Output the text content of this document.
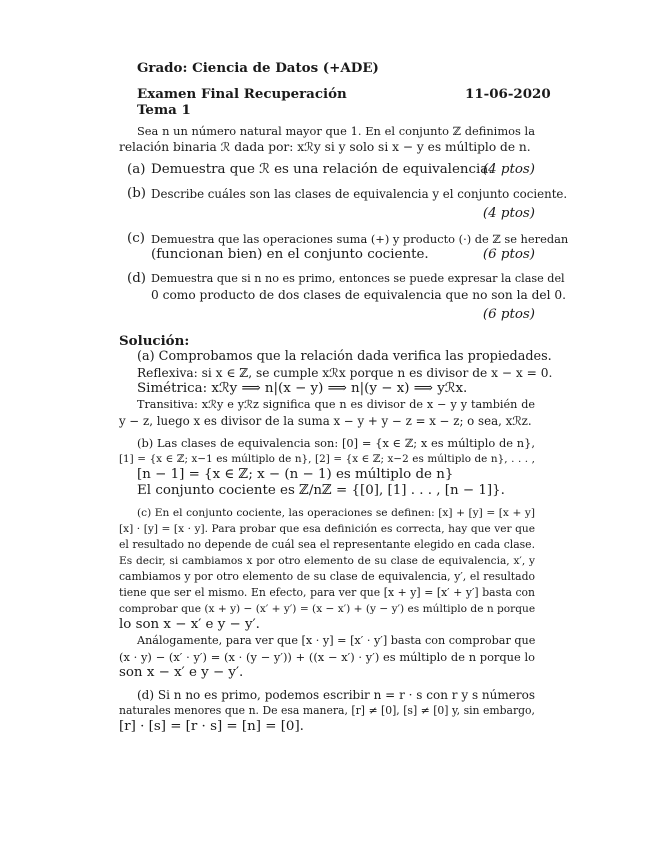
Grado: Ciencia de Datos (+ADE)

Examen Final Recuperación	11-06-2020

Tema 1

Sea n un número natural mayor que 1. En el conjunto ℤ definimos la

relación binaria ℛ dada por: xℛy si y solo si x − y es múltiplo de n.

(a) Demuestra que ℛ es una relación de equivalencia.

(4 ptos)

(b) Describe cuáles son las clases de equivalencia y el conjunto cociente.

(4 ptos)

(c) Demuestra que las operaciones suma (+) y producto (·) de ℤ se heredan

(funcionan bien) en el conjunto cociente.	(6 ptos)

(d) Demuestra que si n no es primo, entonces se puede expresar la clase del

0 como producto de dos clases de equivalencia que no son la del 0.

(6 ptos)

Solución:

(a) Comprobamos que la relación dada verifica las propiedades.

Reflexiva: si x ∈ ℤ, se cumple xℛx porque n es divisor de x − x = 0.

Simétrica: xℛy ⟹ n|(x − y) ⟹ n|(y − x) ⟹ yℛx.

Transitiva: xℛy e yℛz significa que n es divisor de x − y y también de

y − z, luego x es divisor de la suma x − y + y − z = x − z; o sea, xℛz.

(b) Las clases de equivalencia son: [0] = {x ∈ ℤ; x es múltiplo de n},

[1] = {x ∈ ℤ; x−1 es múltiplo de n}, [2] = {x ∈ ℤ; x−2 es múltiplo de n}, . . . ,

[n − 1] = {x ∈ ℤ; x − (n − 1) es múltiplo de n}

El conjunto cociente es ℤ/nℤ = {[0], [1] . . . , [n − 1]}.

(c) En el conjunto cociente, las operaciones se definen: [x] + [y] = [x + y]

[x] · [y] = [x · y]. Para probar que esa definición es correcta, hay que ver que

el resultado no depende de cuál sea el representante elegido en cada clase.

Es decir, si cambiamos x por otro elemento de su clase de equivalencia, x′, y

cambiamos y por otro elemento de su clase de equivalencia, y′, el resultado

tiene que ser el mismo. En efecto, para ver que [x + y] = [x′ + y′] basta con

comprobar que (x + y) − (x′ + y′) = (x − x′) + (y − y′) es múltiplo de n porque

lo son x − x′ e y − y′.

Análogamente, para ver que [x · y] = [x′ · y′] basta con comprobar que

(x · y) − (x′ · y′) = (x · (y − y′)) + ((x − x′) · y′) es múltiplo de n porque lo

son x − x′ e y − y′.

(d) Si n no es primo, podemos escribir n = r · s con r y s números

naturales menores que n. De esa manera, [r] ≠ [0], [s] ≠ [0] y, sin embargo,

[r] · [s] = [r · s] = [n] = [0].
